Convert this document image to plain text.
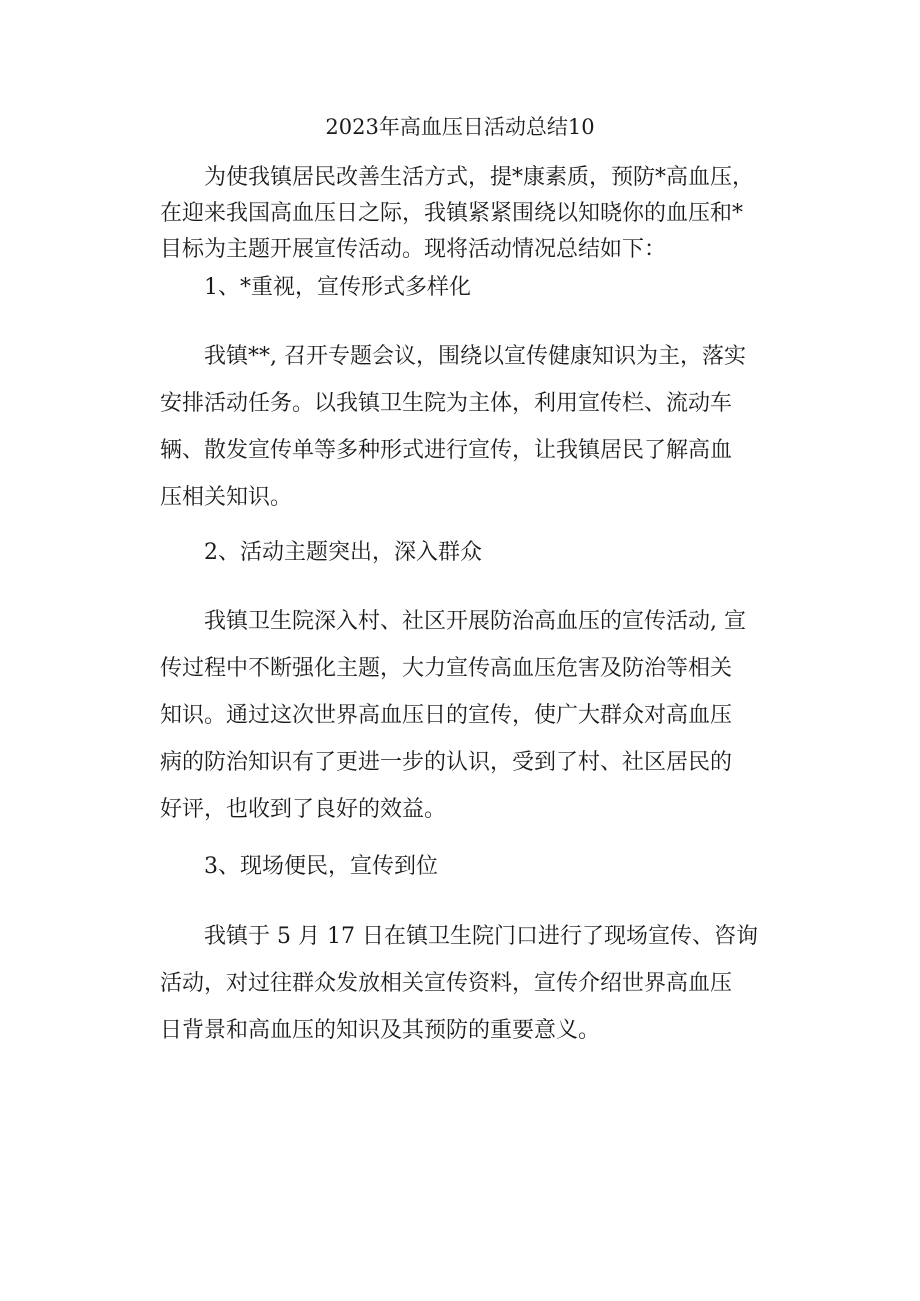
2023年高血压日活动总结10
为使我镇居民改善生活方式，提*康素质，预防*高血压，
在迎来我国高血压日之际，我镇紧紧围绕以知晓你的血压和*
目标为主题开展宣传活动。现将活动情况总结如下：
1、*重视，宣传形式多样化
我镇**, 召开专题会议，围绕以宣传健康知识为主，落实
安排活动任务。以我镇卫生院为主体，利用宣传栏、流动车
辆、散发宣传单等多种形式进行宣传，让我镇居民了解高血
压相关知识。
2、活动主题突出，深入群众
我镇卫生院深入村、社区开展防治高血压的宣传活动, 宣
传过程中不断强化主题，大力宣传高血压危害及防治等相关
知识。通过这次世界高血压日的宣传，使广大群众对高血压
病的防治知识有了更进一步的认识，受到了村、社区居民的
好评，也收到了良好的效益。
3、现场便民，宣传到位
我镇于 5 月 17 日在镇卫生院门口进行了现场宣传、咨询
活动，对过往群众发放相关宣传资料，宣传介绍世界高血压
日背景和高血压的知识及其预防的重要意义。
